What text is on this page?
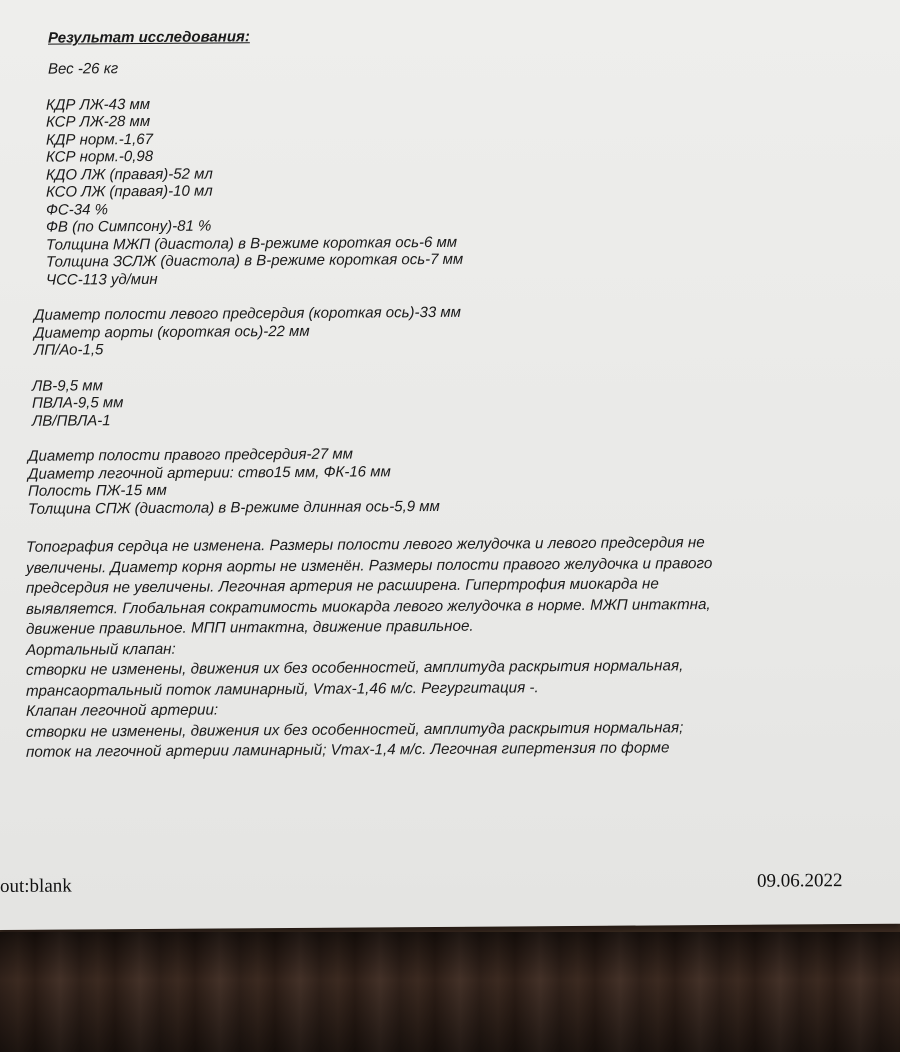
Результат исследования:
Вес -26 кг
КДР ЛЖ-43 мм
КСР ЛЖ-28 мм
КДР норм.-1,67
КСР норм.-0,98
КДО ЛЖ (правая)-52 мл
КСО ЛЖ (правая)-10 мл
ФС-34 %
ФВ (по Симпсону)-81 %
Толщина МЖП (диастола) в В-режиме короткая ось-6 мм
Толщина ЗСЛЖ (диастола) в В-режиме короткая ось-7 мм
ЧСС-113 уд/мин
Диаметр полости левого предсердия (короткая ось)-33 мм
Диаметр аорты (короткая ось)-22 мм
ЛП/Ао-1,5
ЛВ-9,5 мм
ПВЛА-9,5 мм
ЛВ/ПВЛА-1
Диаметр полости правого предсердия-27 мм
Диаметр легочной артерии: ство15 мм, ФК-16 мм
Полость ПЖ-15 мм
Толщина СПЖ (диастола) в В-режиме длинная ось-5,9 мм
Топография сердца не изменена. Размеры полости левого желудочка и левого предсердия не
увеличены. Диаметр корня аорты не изменён. Размеры полости правого желудочка и правого
предсердия не увеличены. Легочная артерия не расширена. Гипертрофия миокарда не
выявляется. Глобальная сократимость миокарда левого желудочка в норме. МЖП интактна,
движение правильное. МПП интактна, движение правильное.
Аортальный клапан:
створки не изменены, движения их без особенностей, амплитуда раскрытия нормальная,
трансаортальный поток ламинарный, Vmax-1,46 м/с. Регургитация -.
Клапан легочной артерии:
створки не изменены, движения их без особенностей, амплитуда раскрытия нормальная;
поток на легочной артерии ламинарный; Vmax-1,4 м/с. Легочная гипертензия по форме
out:blank	09.06.2022
